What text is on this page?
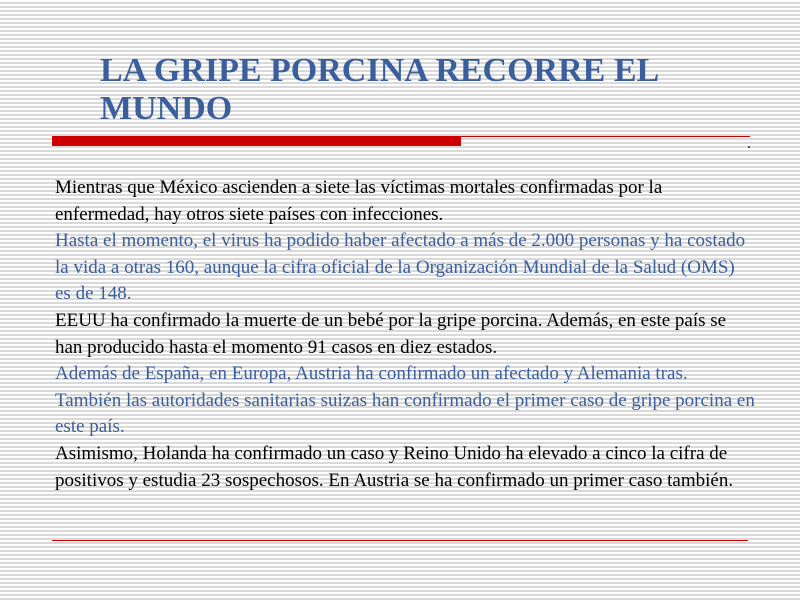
LA GRIPE PORCINA RECORRE EL MUNDO

Mientras que México ascienden a siete las víctimas mortales confirmadas por la enfermedad, hay otros siete países con infecciones.

Hasta el momento, el virus ha podido haber afectado a más de 2.000 personas y ha costado la vida a otras 160, aunque la cifra oficial de la Organización Mundial de la Salud (OMS) es de 148.

EEUU ha confirmado la muerte de un bebé por la gripe porcina. Además, en este país se han producido hasta el momento 91 casos en diez estados.

Además de España, en Europa, Austria ha confirmado un afectado y Alemania tras. También las autoridades sanitarias suizas han confirmado el primer caso de gripe porcina en este país.

Asimismo, Holanda ha confirmado un caso y Reino Unido ha elevado a cinco la cifra de positivos y estudia 23 sospechosos. En Austria se ha confirmado un primer caso también.
